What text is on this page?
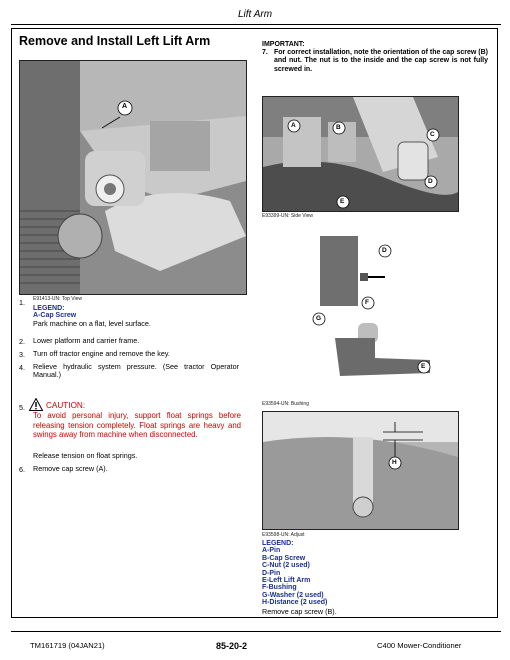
Lift Arm
Remove and Install Left Lift Arm
A
1. E91413-UN: Top View
LEGEND:
A-Cap Screw
Park machine on a flat, level surface.
2. Lower platform and carrier frame.
3. Turn off tractor engine and remove the key.
4. Relieve hydraulic system pressure. (See tractor Operator Manual.)
5.	CAUTION:
To avoid personal injury, support float springs before releasing tension completely. Float springs are heavy and swings away from machine when disconnected.
Release tension on float springs.
6. Remove cap screw (A).
IMPORTANT:
7. For correct installation, note the orientation of the cap screw (B) and nut. The nut is to the inside and the cap screw is not fully screwed in.
A	B
C
D
E
E93399-UN: Side View
D
F
G
E
E93594-UN: Bushing
H
E93598-UN: Adjust
LEGEND:
A-Pin
B-Cap Screw
C-Nut (2 used)
D-Pin
E-Left Lift Arm
F-Bushing
G-Washer (2 used)
H-Distance (2 used)
Remove cap screw (B).
TM161719 (04JAN21)	85-20-2	C400 Mower-Conditioner
